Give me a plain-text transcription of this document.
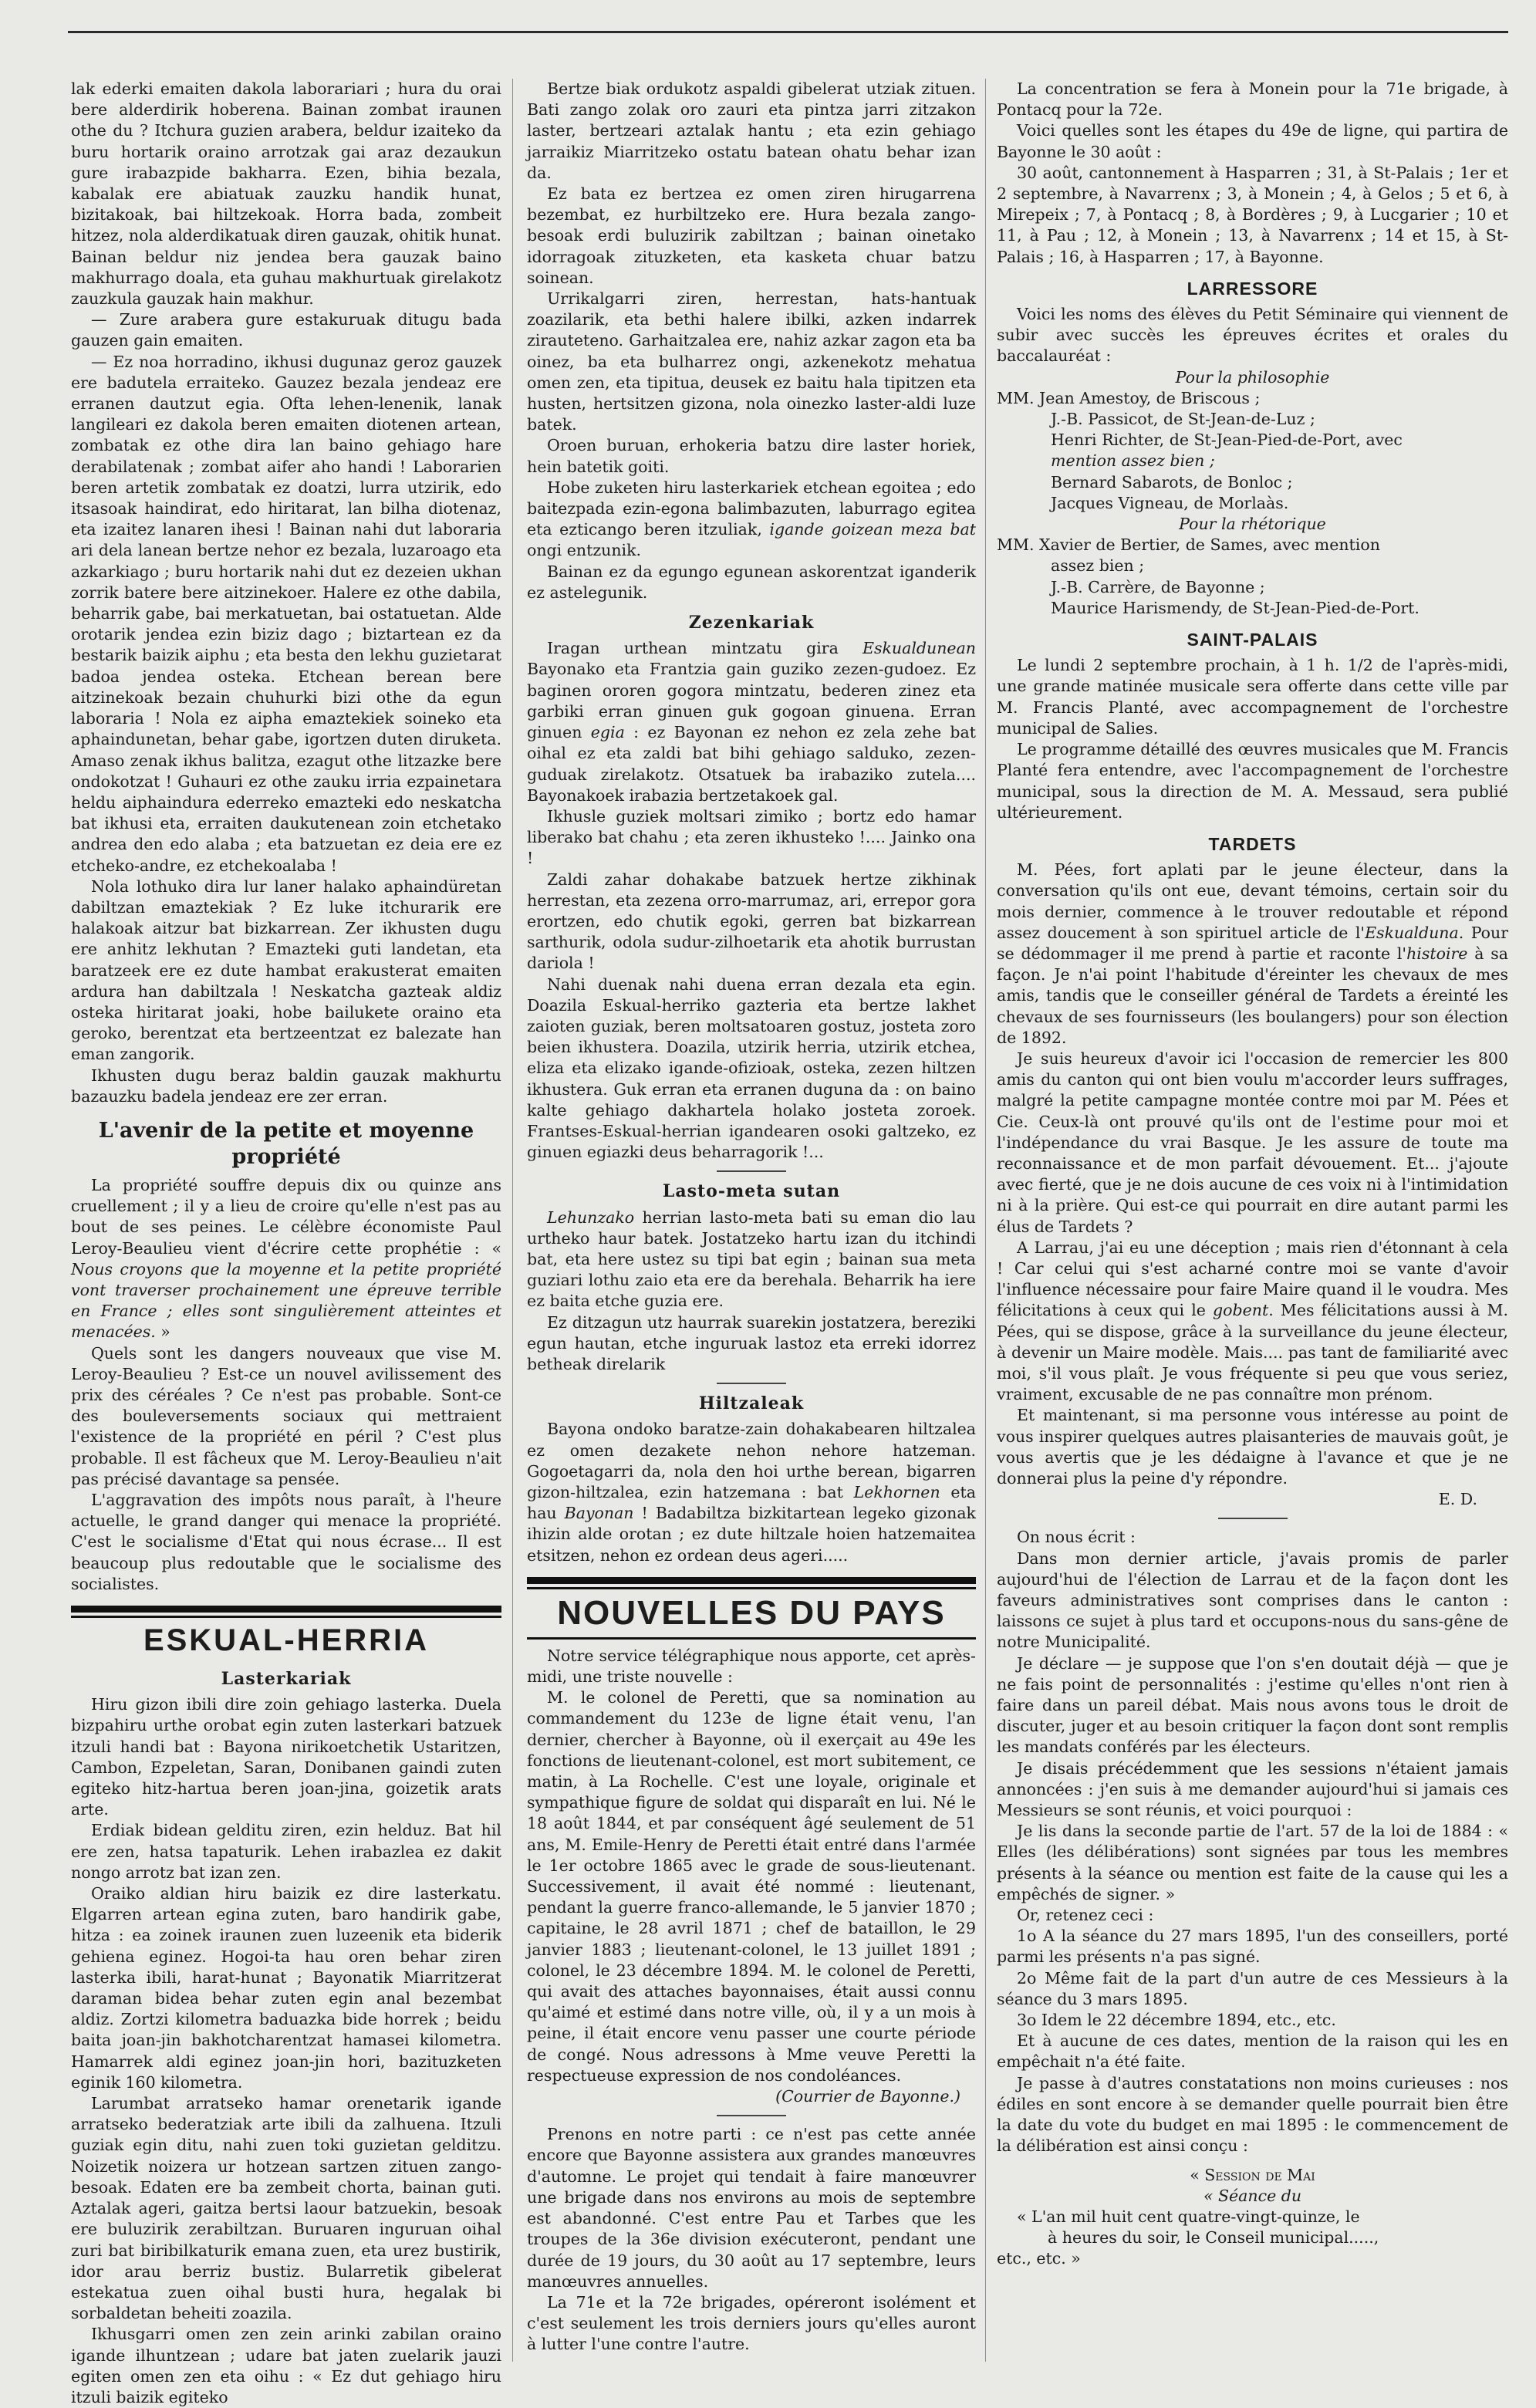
lak ederki emaiten dakola laborariari ; hura du orai bere alderdirik hoberena. Bainan zombat iraunen othe du ? Itchura guzien arabera, beldur izaiteko da buru hortarik oraino arrotzak gai araz dezaukun gure irabazpide bakharra. Ezen, bihia bezala, kabalak ere abiatuak zauzku handik hunat, bizitakoak, bai hiltzekoak. Horra bada, zombeit hitzez, nola alderdikatuak diren gauzak, ohitik hunat. Bainan beldur niz jendea bera gauzak baino makhurrago doala, eta guhau makhurtuak girelakotz zauzkula gauzak hain makhur.

— Zure arabera gure estakuruak ditugu bada gauzen gain emaiten.

— Ez noa horradino, ikhusi dugunaz geroz gauzek ere badutela erraiteko. Gauzez bezala jendeaz ere erranen dautzut egia. Ofta lehen-lenenik, lanak langileari ez dakola beren emaiten diotenen artean, zombatak ez othe dira lan baino gehiago hare derabilatenak ; zombat aifer aho handi ! Laborarien beren artetik zombatak ez doatzi, lurra utzirik, edo itsasoak haindirat, edo hiritarat, lan bilha diotenaz, eta izaitez lanaren ihesi ! Bainan nahi dut laboraria ari dela lanean bertze nehor ez bezala, luzaroago eta azkarkiago ; buru hortarik nahi dut ez dezeien ukhan zorrik batere bere aitzinekoer. Halere ez othe dabila, beharrik gabe, bai merkatuetan, bai ostatuetan. Alde orotarik jendea ezin biziz dago ; biztartean ez da bestarik baizik aiphu ; eta besta den lekhu guzietarat badoa jendea osteka. Etchean berean bere aitzinekoak bezain chuhurki bizi othe da egun laboraria ! Nola ez aipha emaztekiek soineko eta aphaindunetan, behar gabe, igortzen duten diruketa. Amaso zenak ikhus balitza, ezagut othe litzazke bere ondokotzat ! Guhauri ez othe zauku irria ezpainetara heldu aiphaindura ederreko emazteki edo neskatcha bat ikhusi eta, erraiten daukutenean zoin etchetako andrea den edo alaba ; eta batzuetan ez deia ere ez etcheko-andre, ez etchekoalaba !

Nola lothuko dira lur laner halako aphaindüretan dabiltzan emaztekiak ? Ez luke itchurarik ere halakoak aitzur bat bizkarrean. Zer ikhusten dugu ere anhitz lekhutan ? Emazteki guti landetan, eta baratzeek ere ez dute hambat erakusterat emaiten ardura han dabiltzala ! Neskatcha gazteak aldiz osteka hiritarat joaki, hobe bailukete oraino eta geroko, berentzat eta bertzeentzat ez balezate han eman zangorik.

Ikhusten dugu beraz baldin gauzak makhurtu bazauzku badela jendeaz ere zer erran.

L'avenir de la petite et moyenne propriété

La propriété souffre depuis dix ou quinze ans cruellement ; il y a lieu de croire qu'elle n'est pas au bout de ses peines. Le célèbre économiste Paul Leroy-Beaulieu vient d'écrire cette prophétie : « Nous croyons que la moyenne et la petite propriété vont traverser prochainement une épreuve terrible en France ; elles sont singulièrement atteintes et menacées. »

Quels sont les dangers nouveaux que vise M. Leroy-Beaulieu ? Est-ce un nouvel avilissement des prix des céréales ? Ce n'est pas probable. Sont-ce des bouleversements sociaux qui mettraient l'existence de la propriété en péril ? C'est plus probable. Il est fâcheux que M. Leroy-Beaulieu n'ait pas précisé davantage sa pensée.

L'aggravation des impôts nous paraît, à l'heure actuelle, le grand danger qui menace la propriété. C'est le socialisme d'Etat qui nous écrase... Il est beaucoup plus redoutable que le socialisme des socialistes.

ESKUAL-HERRIA
Lasterkariak

Hiru gizon ibili dire zoin gehiago lasterka. Duela bizpahiru urthe orobat egin zuten lasterkari batzuek itzuli handi bat : Bayona nirikoetchetik Ustaritzen, Cambon, Ezpeletan, Saran, Donibanen gaindi zuten egiteko hitz-hartua beren joan-jina, goizetik arats arte.

Erdiak bidean gelditu ziren, ezin helduz. Bat hil ere zen, hatsa tapaturik. Lehen irabazlea ez dakit nongo arrotz bat izan zen.

Oraiko aldian hiru baizik ez dire lasterkatu. Elgarren artean egina zuten, baro handirik gabe, hitza : ea zoinek iraunen zuen luzeenik eta biderik gehiena eginez. Hogoi-ta hau oren behar ziren lasterka ibili, harat-hunat ; Bayonatik Miarritzerat daraman bidea behar zuten egin anal bezembat aldiz. Zortzi kilometra baduazka bide horrek ; beidu baita joan-jin bakhotcharentzat hamasei kilometra. Hamarrek aldi eginez joan-jin hori, bazituzketen eginik 160 kilometra.

Larumbat arratseko hamar orenetarik igande arratseko bederatziak arte ibili da zalhuena. Itzuli guziak egin ditu, nahi zuen toki guzietan gelditzu. Noizetik noizera ur hotzean sartzen zituen zango-besoak. Edaten ere ba zembeit chorta, bainan guti. Aztalak ageri, gaitza bertsi laour batzuekin, besoak ere buluzirik zerabiltzan. Buruaren inguruan oihal zuri bat biribilkaturik emana zuen, eta urez bustirik, idor arau berriz bustiz. Bularretik gibelerat estekatua zuen oihal busti hura, hegalak bi sorbaldetan beheiti zoazila.

Ikhusgarri omen zen zein arinki zabilan oraino igande ilhuntzean ; udare bat jaten zuelarik jauzi egiten omen zen eta oihu : « Ez dut gehiago hiru itzuli baizik egiteko

Bertze biak ordukotz aspaldi gibelerat utziak zituen. Bati zango zolak oro zauri eta pintza jarri zitzakon laster, bertzeari aztalak hantu ; eta ezin gehiago jarraikiz Miarritzeko ostatu batean ohatu behar izan da.

Ez bata ez bertzea ez omen ziren hirugarrena bezembat, ez hurbiltzeko ere. Hura bezala zango-besoak erdi buluzirik zabiltzan ; bainan oinetako idorragoak zituzketen, eta kasketa chuar batzu soinean.

Urrikalgarri ziren, herrestan, hats-hantuak zoazilarik, eta bethi halere ibilki, azken indarrek zirauteteno. Garhaitzalea ere, nahiz azkar zagon eta ba oinez, ba eta bulharrez ongi, azkenekotz mehatua omen zen, eta tipitua, deusek ez baitu hala tipitzen eta husten, hertsitzen gizona, nola oinezko laster-aldi luze batek.

Oroen buruan, erhokeria batzu dire laster horiek, hein batetik goiti.

Hobe zuketen hiru lasterkariek etchean egoitea ; edo baitezpada ezin-egona balimbazuten, laburrago egitea eta ezticango beren itzuliak, igande goizean meza bat ongi entzunik.

Bainan ez da egungo egunean askorentzat iganderik ez astelegunik.

Zezenkariak

Iragan urthean mintzatu gira Eskualdunean Bayonako eta Frantzia gain guziko zezen-gudoez. Ez baginen ororen gogora mintzatu, bederen zinez eta garbiki erran ginuen guk gogoan ginuena. Erran ginuen egia : ez Bayonan ez nehon ez zela zehe bat oihal ez eta zaldi bat bihi gehiago salduko, zezen-guduak zirelakotz. Otsatuek ba irabaziko zutela.... Bayonakoek irabazia bertzetakoek gal.

Ikhusle guziek moltsari zimiko ; bortz edo hamar liberako bat chahu ; eta zeren ikhusteko !.... Jainko ona !

Zaldi zahar dohakabe batzuek hertze zikhinak herrestan, eta zezena orro-marrumaz, ari, errepor gora erortzen, edo chutik egoki, gerren bat bizkarrean sarthurik, odola sudur-zilhoetarik eta ahotik burrustan dariola !

Nahi duenak nahi duena erran dezala eta egin. Doazila Eskual-herriko gazteria eta bertze lakhet zaioten guziak, beren moltsatoaren gostuz, josteta zoro beien ikhustera. Doazila, utzirik herria, utzirik etchea, eliza eta elizako igande-ofizioak, osteka, zezen hiltzen ikhustera. Guk erran eta erranen duguna da : on baino kalte gehiago dakhartela holako josteta zoroek. Frantses-Eskual-herrian igandearen osoki galtzeko, ez ginuen egiazki deus beharragorik !...

Lasto-meta sutan

Lehunzako herrian lasto-meta bati su eman dio lau urtheko haur batek. Jostatzeko hartu izan du itchindi bat, eta here ustez su tipi bat egin ; bainan sua meta guziari lothu zaio eta ere da berehala. Beharrik ha iere ez baita etche guzia ere.

Ez ditzagun utz haurrak suarekin jostatzera, bereziki egun hautan, etche inguruak lastoz eta erreki idorrez betheak direlarik

Hiltzaleak

Bayona ondoko baratze-zain dohakabearen hiltzalea ez omen dezakete nehon nehore hatzeman. Gogoetagarri da, nola den hoi urthe berean, bigarren gizon-hiltzalea, ezin hatzemana : bat Lekhornen eta hau Bayonan ! Badabiltza bizkitartean legeko gizonak ihizin alde orotan ; ez dute hiltzale hoien hatzemaitea etsitzen, nehon ez ordean deus ageri.....

NOUVELLES DU PAYS

Notre service télégraphique nous apporte, cet après-midi, une triste nouvelle :

M. le colonel de Peretti, que sa nomination au commandement du 123e de ligne était venu, l'an dernier, chercher à Bayonne, où il exerçait au 49e les fonctions de lieutenant-colonel, est mort subitement, ce matin, à La Rochelle. C'est une loyale, originale et sympathique figure de soldat qui disparaît en lui. Né le 18 août 1844, et par conséquent âgé seulement de 51 ans, M. Emile-Henry de Peretti était entré dans l'armée le 1er octobre 1865 avec le grade de sous-lieutenant. Successivement, il avait été nommé : lieutenant, pendant la guerre franco-allemande, le 5 janvier 1870 ; capitaine, le 28 avril 1871 ; chef de bataillon, le 29 janvier 1883 ; lieutenant-colonel, le 13 juillet 1891 ; colonel, le 23 décembre 1894. M. le colonel de Peretti, qui avait des attaches bayonnaises, était aussi connu qu'aimé et estimé dans notre ville, où, il y a un mois à peine, il était encore venu passer une courte période de congé. Nous adressons à Mme veuve Peretti la respectueuse expression de nos condoléances.

(Courrier de Bayonne.)

Prenons en notre parti : ce n'est pas cette année encore que Bayonne assistera aux grandes manœuvres d'automne. Le projet qui tendait à faire manœuvrer une brigade dans nos environs au mois de septembre est abandonné. C'est entre Pau et Tarbes que les troupes de la 36e division exécuteront, pendant une durée de 19 jours, du 30 août au 17 septembre, leurs manœuvres annuelles.

La 71e et la 72e brigades, opéreront isolément et c'est seulement les trois derniers jours qu'elles auront à lutter l'une contre l'autre.

La concentration se fera à Monein pour la 71e brigade, à Pontacq pour la 72e.

Voici quelles sont les étapes du 49e de ligne, qui partira de Bayonne le 30 août :

30 août, cantonnement à Hasparren ; 31, à St-Palais ; 1er et 2 septembre, à Navarrenx ; 3, à Monein ; 4, à Gelos ; 5 et 6, à Mirepeix ; 7, à Pontacq ; 8, à Bordères ; 9, à Lucgarier ; 10 et 11, à Pau ; 12, à Monein ; 13, à Navarrenx ; 14 et 15, à St-Palais ; 16, à Hasparren ; 17, à Bayonne.

LARRESSORE

Voici les noms des élèves du Petit Séminaire qui viennent de subir avec succès les épreuves écrites et orales du baccalauréat :

Pour la philosophie

MM. Jean Amestoy, de Briscous ;

J.-B. Passicot, de St-Jean-de-Luz ;

Henri Richter, de St-Jean-Pied-de-Port, avec

mention assez bien ;

Bernard Sabarots, de Bonloc ;

Jacques Vigneau, de Morlaàs.

Pour la rhétorique

MM. Xavier de Bertier, de Sames, avec mention

assez bien ;

J.-B. Carrère, de Bayonne ;

Maurice Harismendy, de St-Jean-Pied-de-Port.

SAINT-PALAIS

Le lundi 2 septembre prochain, à 1 h. 1/2 de l'après-midi, une grande matinée musicale sera offerte dans cette ville par M. Francis Planté, avec accompagnement de l'orchestre municipal de Salies.

Le programme détaillé des œuvres musicales que M. Francis Planté fera entendre, avec l'accompagnement de l'orchestre municipal, sous la direction de M. A. Messaud, sera publié ultérieurement.

TARDETS

M. Pées, fort aplati par le jeune électeur, dans la conversation qu'ils ont eue, devant témoins, certain soir du mois dernier, commence à le trouver redoutable et répond assez doucement à son spirituel article de l'Eskualduna. Pour se dédommager il me prend à partie et raconte l'histoire à sa façon. Je n'ai point l'habitude d'éreinter les chevaux de mes amis, tandis que le conseiller général de Tardets a éreinté les chevaux de ses fournisseurs (les boulangers) pour son élection de 1892.

Je suis heureux d'avoir ici l'occasion de remercier les 800 amis du canton qui ont bien voulu m'accorder leurs suffrages, malgré la petite campagne montée contre moi par M. Pées et Cie. Ceux-là ont prouvé qu'ils ont de l'estime pour moi et l'indépendance du vrai Basque. Je les assure de toute ma reconnaissance et de mon parfait dévouement. Et... j'ajoute avec fierté, que je ne dois aucune de ces voix ni à l'intimidation ni à la prière. Qui est-ce qui pourrait en dire autant parmi les élus de Tardets ?

A Larrau, j'ai eu une déception ; mais rien d'étonnant à cela ! Car celui qui s'est acharné contre moi se vante d'avoir l'influence nécessaire pour faire Maire quand il le voudra. Mes félicitations à ceux qui le gobent. Mes félicitations aussi à M. Pées, qui se dispose, grâce à la surveillance du jeune électeur, à devenir un Maire modèle. Mais.... pas tant de familiarité avec moi, s'il vous plaît. Je vous fréquente si peu que vous seriez, vraiment, excusable de ne pas connaître mon prénom.

Et maintenant, si ma personne vous intéresse au point de vous inspirer quelques autres plaisanteries de mauvais goût, je vous avertis que je les dédaigne à l'avance et que je ne donnerai plus la peine d'y répondre.

E. D.

On nous écrit :

Dans mon dernier article, j'avais promis de parler aujourd'hui de l'élection de Larrau et de la façon dont les faveurs administratives sont comprises dans le canton : laissons ce sujet à plus tard et occupons-nous du sans-gêne de notre Municipalité.

Je déclare — je suppose que l'on s'en doutait déjà — que je ne fais point de personnalités : j'estime qu'elles n'ont rien à faire dans un pareil débat. Mais nous avons tous le droit de discuter, juger et au besoin critiquer la façon dont sont remplis les mandats conférés par les électeurs.

Je disais précédemment que les sessions n'étaient jamais annoncées : j'en suis à me demander aujourd'hui si jamais ces Messieurs se sont réunis, et voici pourquoi :

Je lis dans la seconde partie de l'art. 57 de la loi de 1884 : « Elles (les délibérations) sont signées par tous les membres présents à la séance ou mention est faite de la cause qui les a empêchés de signer. »

Or, retenez ceci :

1o A la séance du 27 mars 1895, l'un des conseillers, porté parmi les présents n'a pas signé.

2o Même fait de la part d'un autre de ces Messieurs à la séance du 3 mars 1895.

3o Idem le 22 décembre 1894, etc., etc.

Et à aucune de ces dates, mention de la raison qui les en empêchait n'a été faite.

Je passe à d'autres constatations non moins curieuses : nos édiles en sont encore à se demander quelle pourrait bien être la date du vote du budget en mai 1895 : le commencement de la délibération est ainsi conçu :

« Session de Mai

« Séance du

« L'an mil huit cent quatre-vingt-quinze, le

à heures du soir, le Conseil municipal.....,

etc., etc. »
